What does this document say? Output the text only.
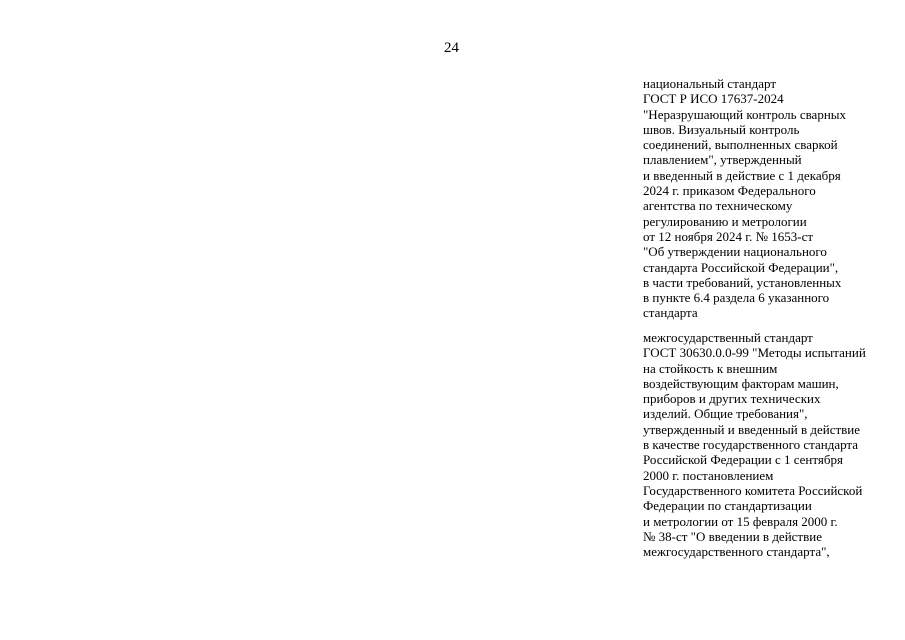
24
национальный стандарт
ГОСТ Р ИСО 17637-2024
"Неразрушающий контроль сварных
швов. Визуальный контроль
соединений, выполненных сваркой
плавлением", утвержденный
и введенный в действие с 1 декабря
2024 г. приказом Федерального
агентства по техническому
регулированию и метрологии
от 12 ноября 2024 г. № 1653-ст
"Об утверждении национального
стандарта Российской Федерации",
в части требований, установленных
в пункте 6.4 раздела 6 указанного
стандарта
межгосударственный стандарт
ГОСТ 30630.0.0-99 "Методы испытаний
на стойкость к внешним
воздействующим факторам машин,
приборов и других технических
изделий. Общие требования",
утвержденный и введенный в действие
в качестве государственного стандарта
Российской Федерации с 1 сентября
2000 г. постановлением
Государственного комитета Российской
Федерации по стандартизации
и метрологии от 15 февраля 2000 г.
№ 38-ст "О введении в действие
межгосударственного стандарта",
